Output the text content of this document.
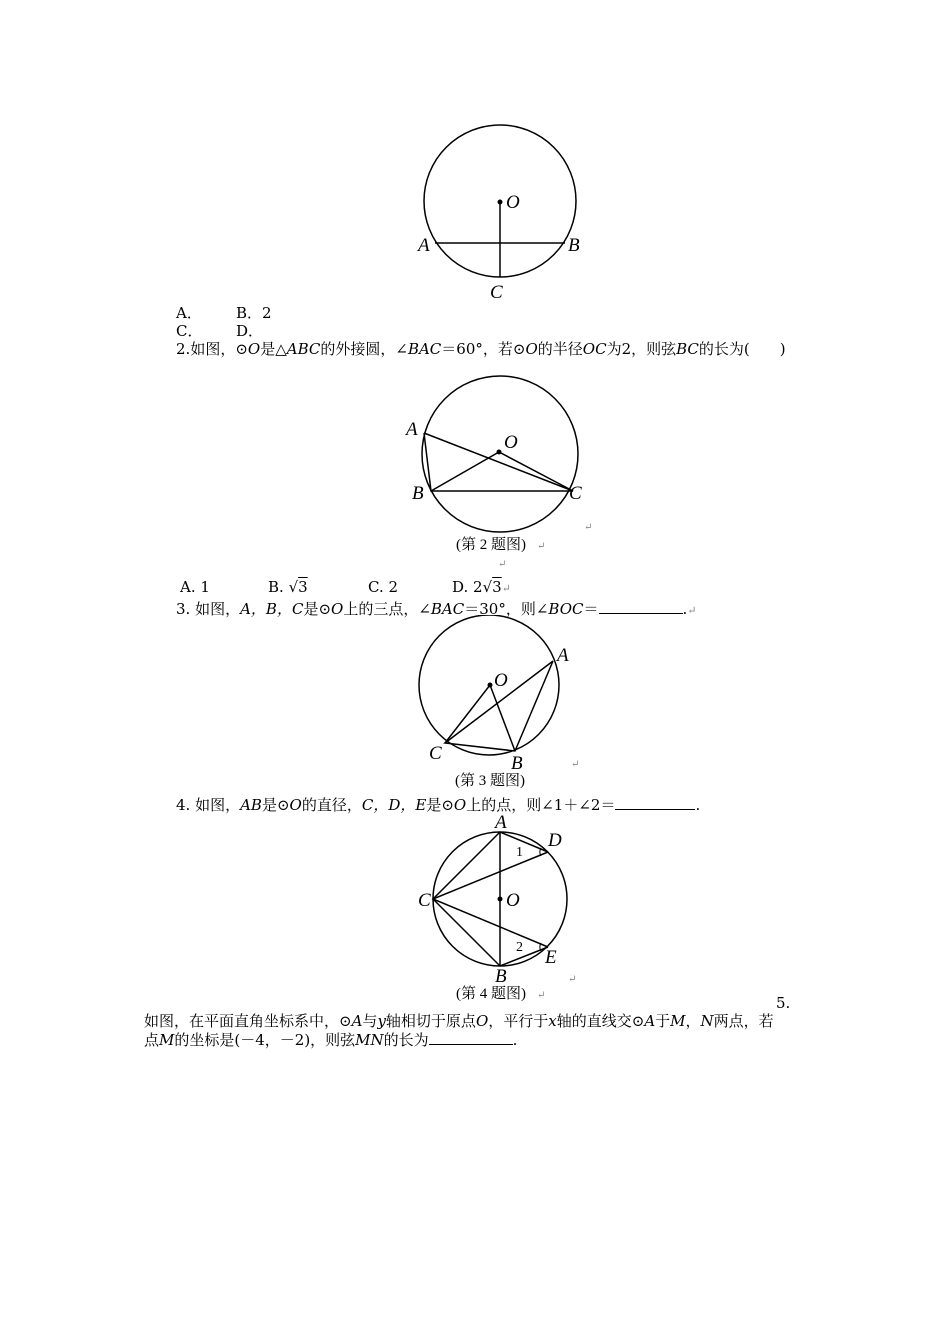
O
A	B
C
A． B．2
C． D．
2.如图，⊙O是△ABC的外接圆，∠BAC＝60°，若⊙O的半径OC为2，则弦BC的长为(　　)
A
O
B	C
↵
(第 2 题图) ↵
↵
A. 1	B. √3	C. 2	D. 2√3↵
3. 如图，A，B，C是⊙O上的三点，∠BAC＝30°，则∠BOC＝	.↵
A
O
C	B
(第 3 题图)
↵
4. 如图，AB是⊙O的直径，C，D，E是⊙O上的点，则∠1＋∠2＝	.
A
D
1
C	O
2 E
B	↵
(第 4 题图) ↵	5.
如图，在平面直角坐标系中，⊙A与y轴相切于原点O，平行于x轴的直线交⊙A于M，N两点，若
点M的坐标是(－4，－2)，则弦MN的长为	.
